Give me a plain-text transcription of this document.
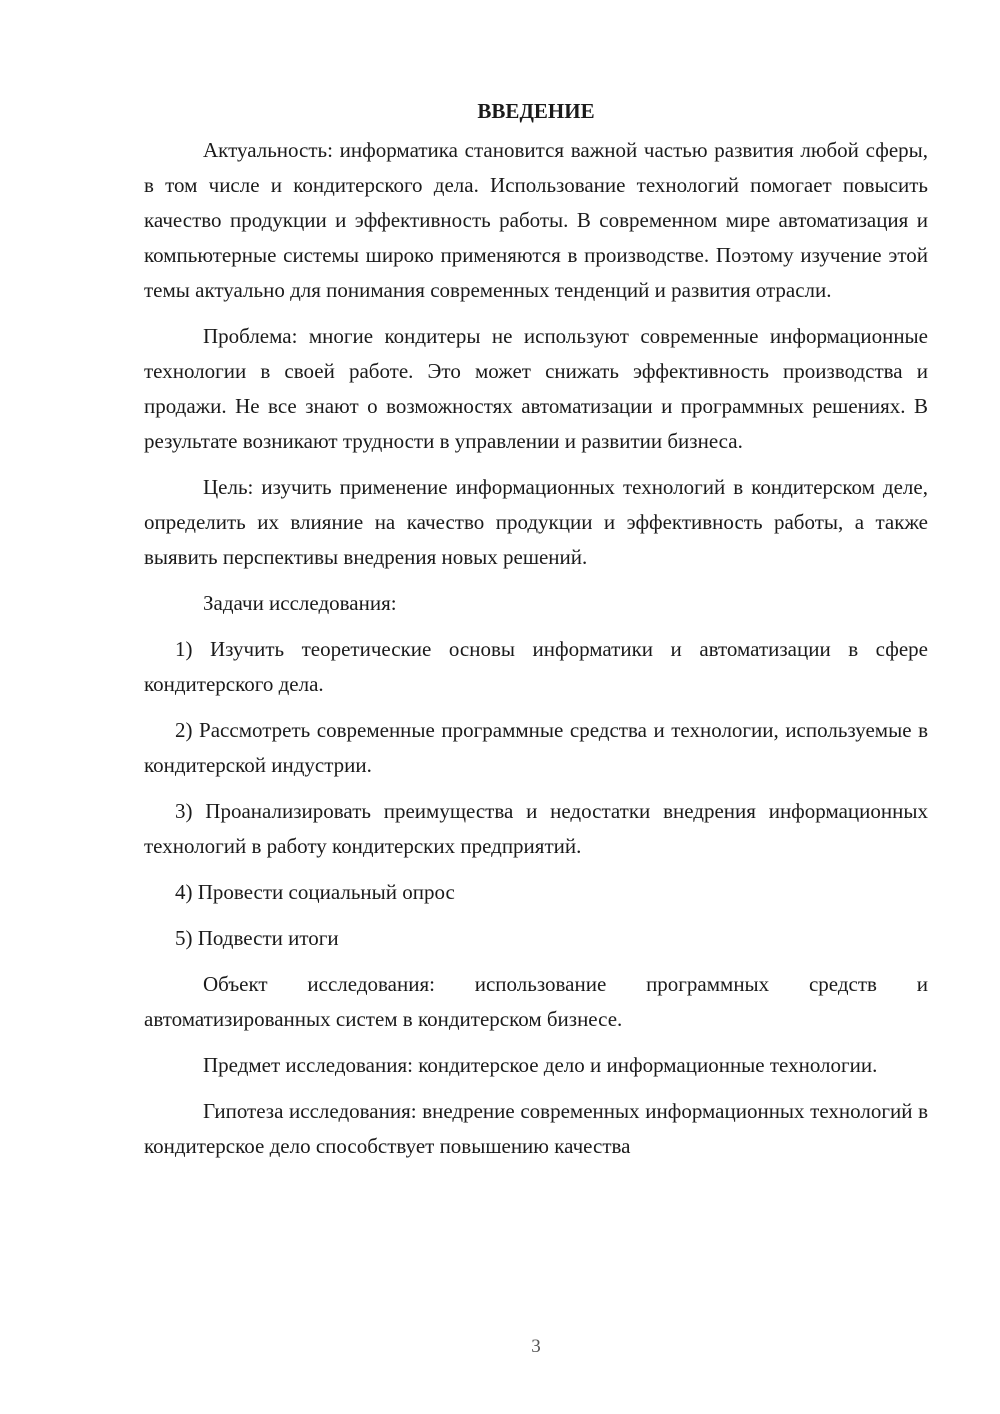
ВВЕДЕНИЕ

Актуальность: информатика становится важной частью развития любой сферы, в том числе и кондитерского дела. Использование технологий помогает повысить качество продукции и эффективность работы. В современном мире автоматизация и компьютерные системы широко применяются в производстве. Поэтому изучение этой темы актуально для понимания современных тенденций и развития отрасли.

Проблема: многие кондитеры не используют современные информационные технологии в своей работе. Это может снижать эффективность производства и продажи. Не все знают о возможностях автоматизации и программных решениях. В результате возникают трудности в управлении и развитии бизнеса.

Цель: изучить применение информационных технологий в кондитерском деле, определить их влияние на качество продукции и эффективность работы, а также выявить перспективы внедрения новых решений.

Задачи исследования:

1) Изучить теоретические основы информатики и автоматизации в сфере кондитерского дела.

2) Рассмотреть современные программные средства и технологии, используемые в кондитерской индустрии.

3) Проанализировать преимущества и недостатки внедрения информационных технологий в работу кондитерских предприятий.

4) Провести социальный опрос

5) Подвести итоги

Объект исследования: использование программных средств и автоматизированных систем в кондитерском бизнесе.

Предмет исследования: кондитерское дело и информационные технологии.

Гипотеза исследования: внедрение современных информационных технологий в кондитерское дело способствует повышению качества

3
